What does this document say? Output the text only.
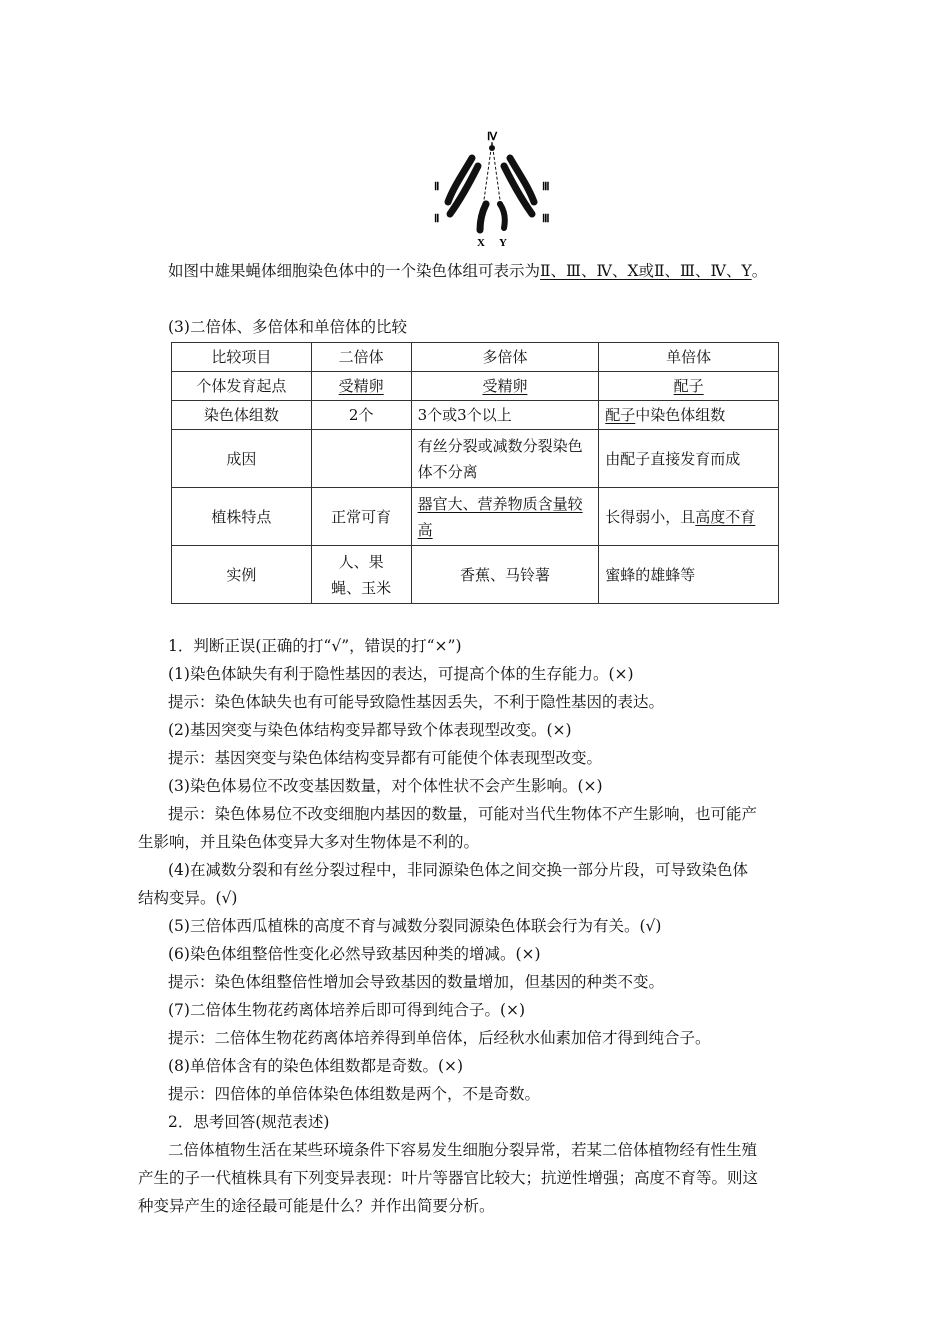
Ⅳ
Ⅱ
Ⅱ
Ⅲ
Ⅲ
X Y

如图中雄果蝇体细胞染色体中的一个染色体组可表示为Ⅱ、Ⅲ、Ⅳ、X或Ⅱ、Ⅲ、Ⅳ、Y。

(3)二倍体、多倍体和单倍体的比较

比较项目	二倍体	多倍体	单倍体
个体发育起点	受精卵	受精卵	配子
染色体组数	2个	3个或3个以上	配子中染色体组数
成因		有丝分裂或减数分裂染色体不分离	由配子直接发育而成
植株特点	正常可育	器官大、营养物质含量较高	长得弱小，且高度不育
实例	人、果蝇、玉米	香蕉、马铃薯	蜜蜂的雄蜂等

1．判断正误(正确的打“√”，错误的打“×”)

(1)染色体缺失有利于隐性基因的表达，可提高个体的生存能力。(×)

提示：染色体缺失也有可能导致隐性基因丢失，不利于隐性基因的表达。

(2)基因突变与染色体结构变异都导致个体表现型改变。(×)

提示：基因突变与染色体结构变异都有可能使个体表现型改变。

(3)染色体易位不改变基因数量，对个体性状不会产生影响。(×)

提示：染色体易位不改变细胞内基因的数量，可能对当代生物体不产生影响，也可能产

生影响，并且染色体变异大多对生物体是不利的。

(4)在减数分裂和有丝分裂过程中，非同源染色体之间交换一部分片段，可导致染色体

结构变异。(√)

(5)三倍体西瓜植株的高度不育与减数分裂同源染色体联会行为有关。(√)

(6)染色体组整倍性变化必然导致基因种类的增减。(×)

提示：染色体组整倍性增加会导致基因的数量增加，但基因的种类不变。

(7)二倍体生物花药离体培养后即可得到纯合子。(×)

提示：二倍体生物花药离体培养得到单倍体，后经秋水仙素加倍才得到纯合子。

(8)单倍体含有的染色体组数都是奇数。(×)

提示：四倍体的单倍体染色体组数是两个，不是奇数。

2．思考回答(规范表述)

二倍体植物生活在某些环境条件下容易发生细胞分裂异常，若某二倍体植物经有性生殖

产生的子一代植株具有下列变异表现：叶片等器官比较大；抗逆性增强；高度不育等。则这

种变异产生的途径最可能是什么？并作出简要分析。
